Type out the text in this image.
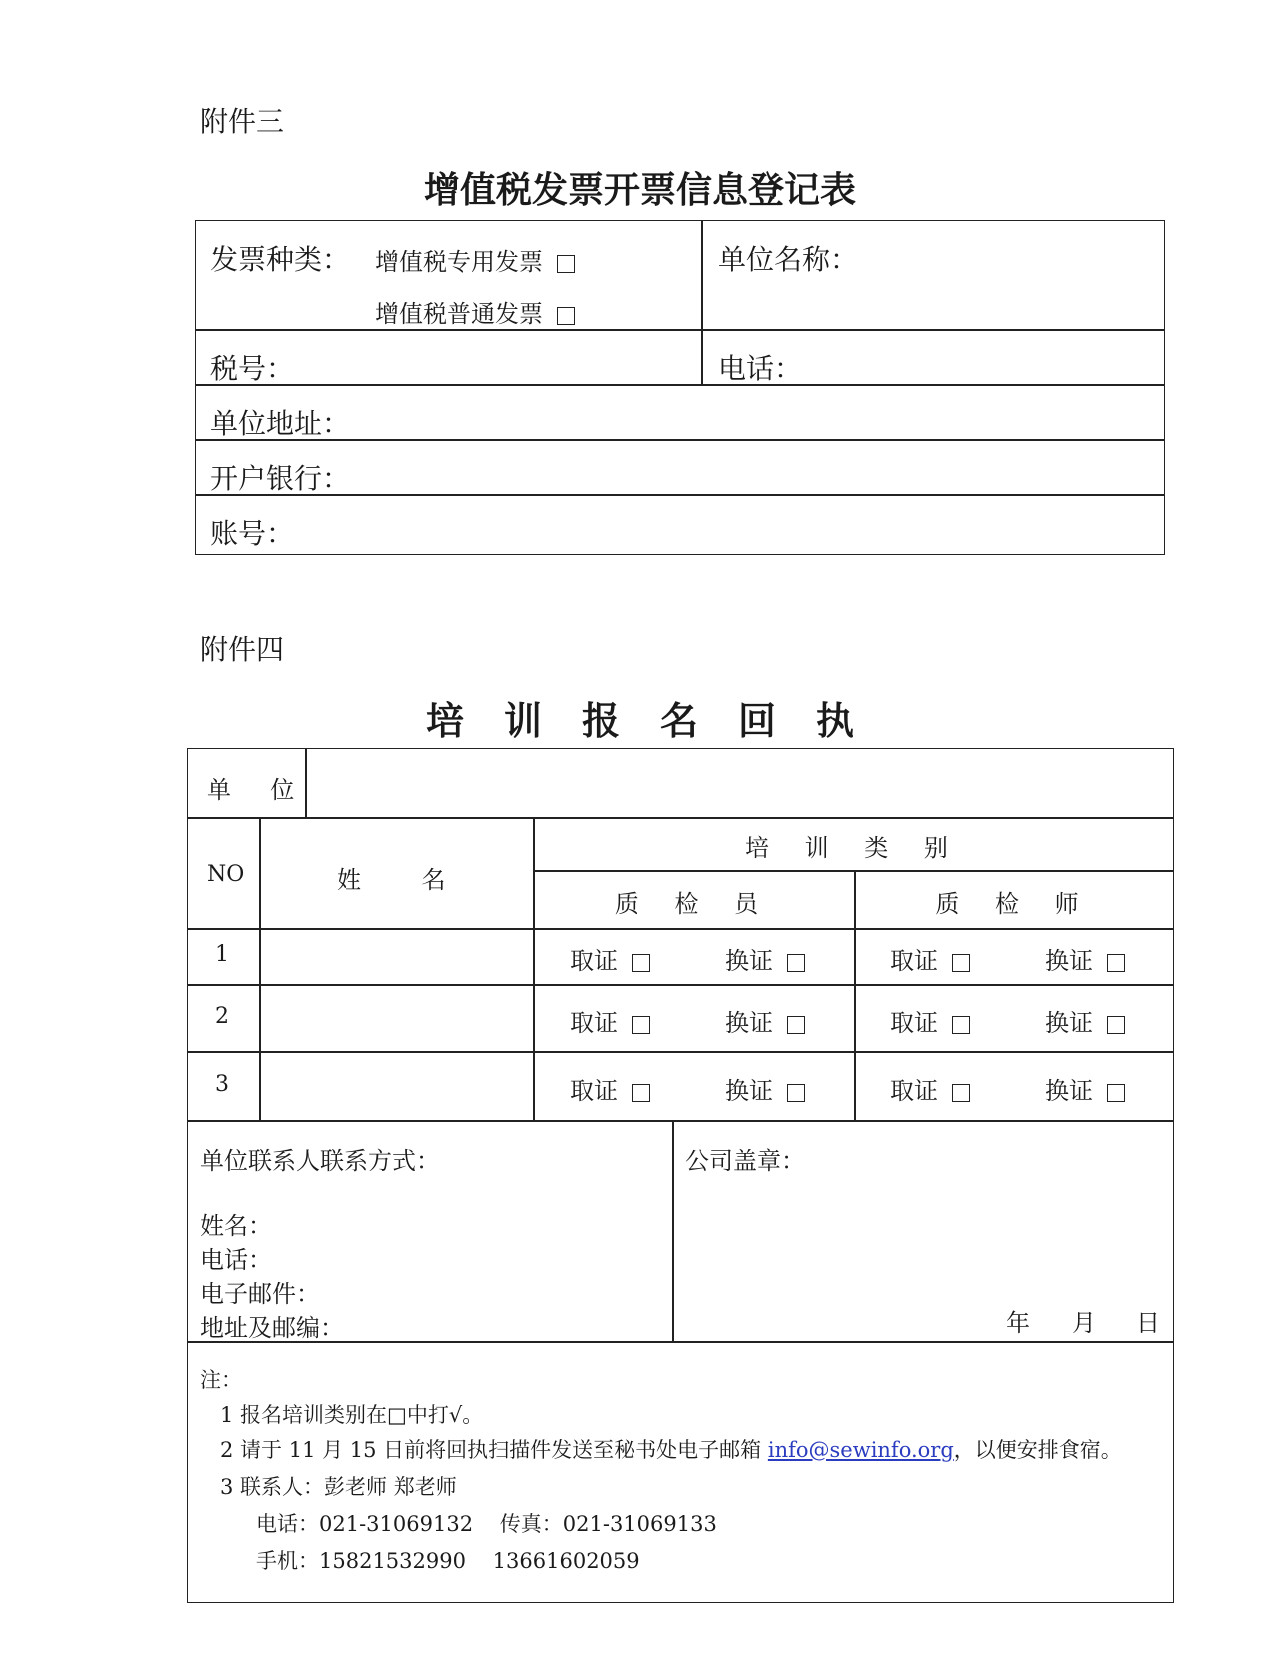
附件三
增值税发票开票信息登记表
发票种类： 增值税专用发票
增值税普通发票
单位名称：
税号：	电话：
单位地址：
开户银行：
账号：
附件四
培训报名回执
单  位
NO	姓    名
培 训 类 别
质 检 员	质 检 师
1	取证	换证	取证	换证
2	取证	换证	取证	换证
3	取证	换证	取证	换证
单位联系人联系方式：
姓名：
电话：
电子邮件：
地址及邮编：
公司盖章：
年 月 日
注：
1 报名培训类别在□中打√。
2 请于 11 月 15 日前将回执扫描件发送至秘书处电子邮箱 info@sewinfo.org，以便安排食宿。
3 联系人：彭老师 郑老师
电话：021-31069132    传真：021-31069133
手机：15821532990    13661602059
